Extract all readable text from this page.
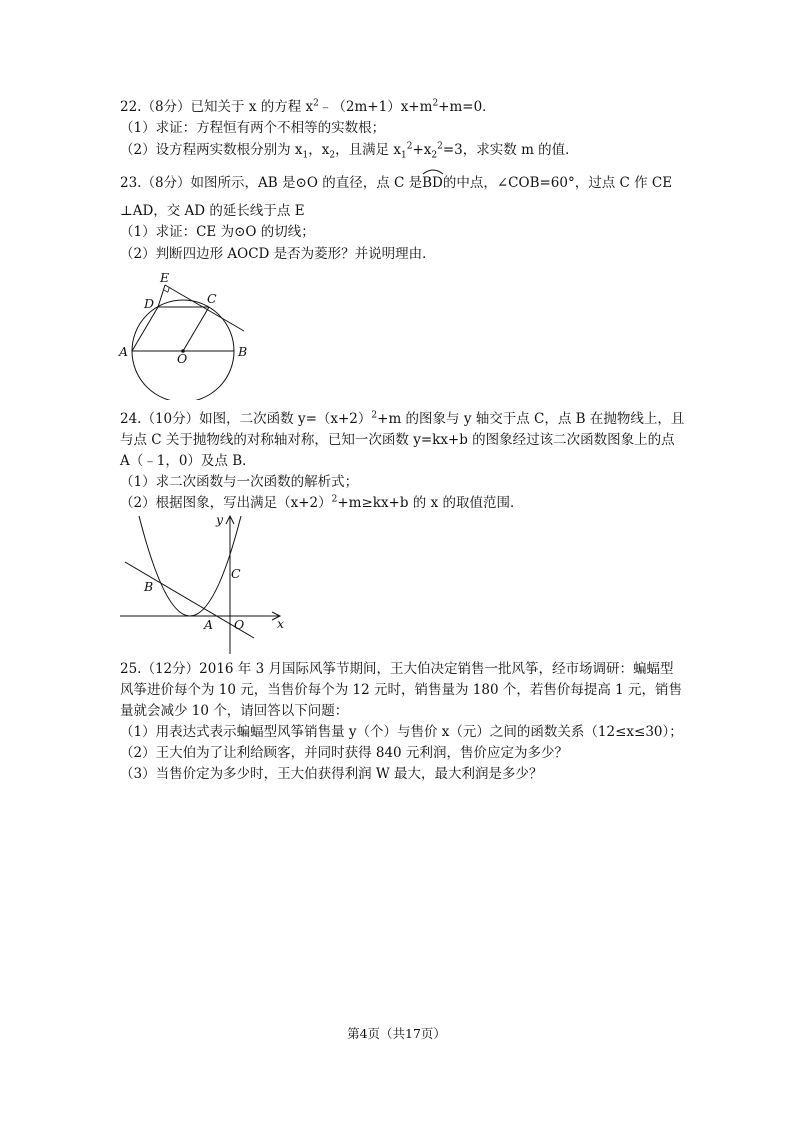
22.（8分）已知关于 x 的方程 $x^2﹣(2m+1)x+m^2+m=0$．
（1）求证：方程恒有两个不相等的实数根；
（2）设方程两实数根分别为 $x_1$，$x_2$，且满足 $x_1^2+x_2^2=3$，求实数 m 的值．
23.（8分）如图所示，AB 是⊙O 的直径，点 C 是
BD的中点，∠COB=60°，过点 C 作 CE
⊥AD，交 AD 的延长线于点 E
（1）求证：CE 为⊙O 的切线；
（2）判断四边形 AOCD 是否为菱形？并说明理由．
E
D	C
A	O	B
24.（10分）如图，二次函数 $y=(x+2)^2+m$ 的图象与 y 轴交于点 C，点 B 在抛物线上，且
与点 C 关于抛物线的对称轴对称，已知一次函数 y=kx+b 的图象经过该二次函数图象上的点
A（﹣1，0）及点 B．
（1）求二次函数与一次函数的解析式；
（2）根据图象，写出满足$(x+2)^2+m\ge kx+b$ 的 x 的取值范围．
y
C
B
A O	x
25.（12分）2016 年 3 月国际风筝节期间，王大伯决定销售一批风筝，经市场调研：蝙蝠型
风筝进价每个为 10 元，当售价每个为 12 元时，销售量为 180 个，若售价每提高 1 元，销售
量就会减少 10 个，请回答以下问题：
（1）用表达式表示蝙蝠型风筝销售量 y（个）与售价 x（元）之间的函数关系（12≤x≤30）；
（2）王大伯为了让利给顾客，并同时获得 840 元利润，售价应定为多少？
（3）当售价定为多少时，王大伯获得利润 W 最大，最大利润是多少？
第4页（共17页）
